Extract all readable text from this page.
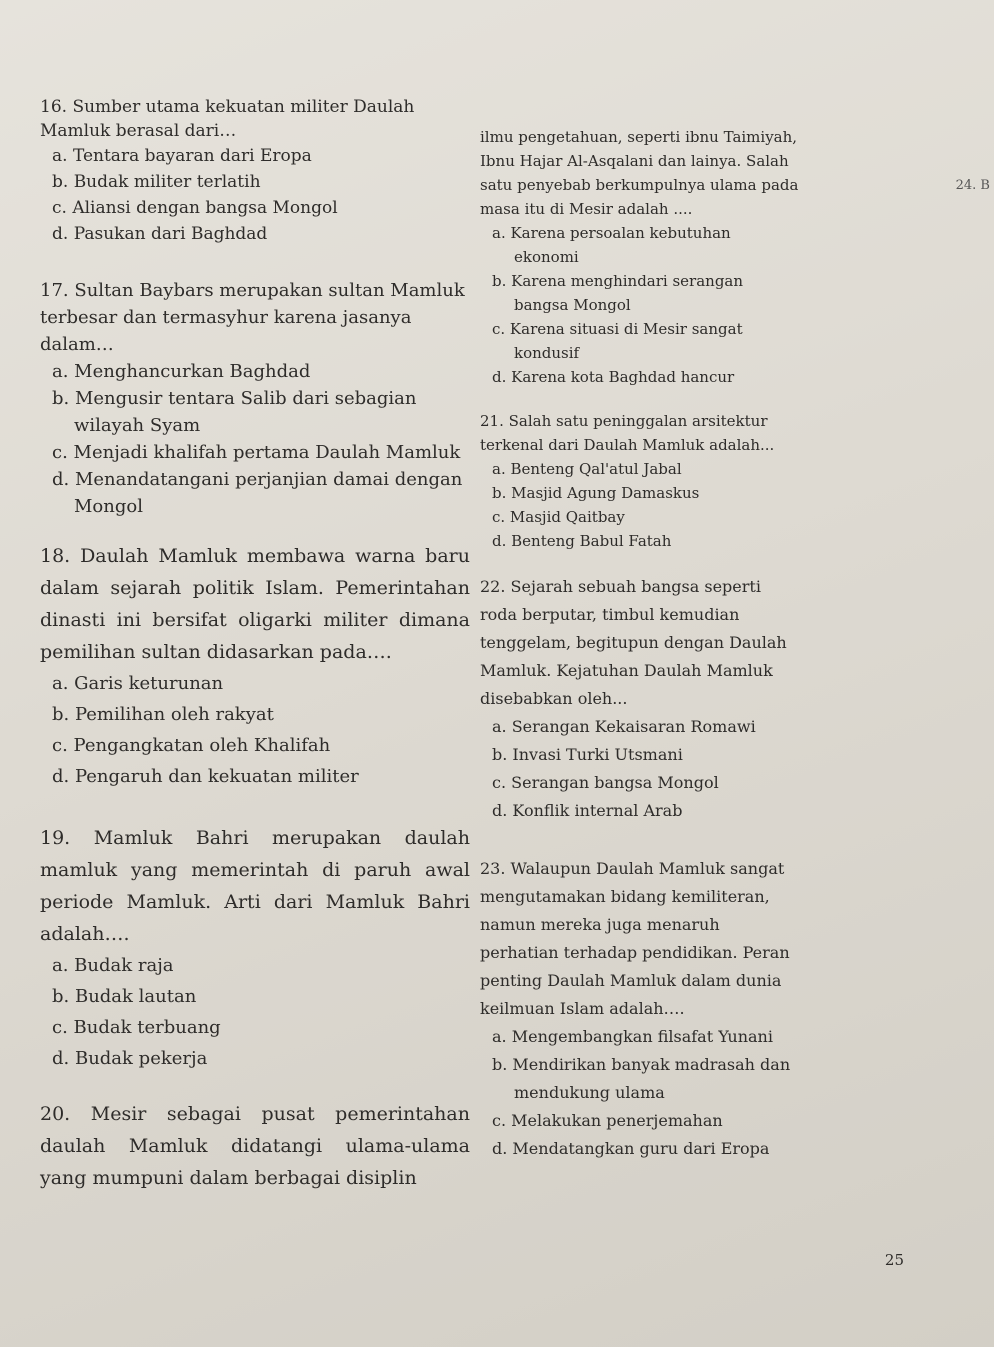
16. Sumber utama kekuatan militer Daulah Mamluk berasal dari…
a. Tentara bayaran dari Eropa
b. Budak militer terlatih
c. Aliansi dengan bangsa Mongol
d. Pasukan dari Baghdad
17. Sultan Baybars merupakan sultan Mamluk terbesar dan termasyhur karena jasanya dalam…
a. Menghancurkan Baghdad
b. Mengusir tentara Salib dari sebagian wilayah Syam
c. Menjadi khalifah pertama Daulah Mamluk
d. Menandatangani perjanjian damai dengan Mongol
18. Daulah Mamluk membawa warna baru dalam sejarah politik Islam. Pemerintahan dinasti ini bersifat oligarki militer dimana pemilihan sultan didasarkan pada….
a. Garis keturunan
b. Pemilihan oleh rakyat
c. Pengangkatan oleh Khalifah
d. Pengaruh dan kekuatan militer
19. Mamluk Bahri merupakan daulah mamluk yang memerintah di paruh awal periode Mamluk. Arti dari Mamluk Bahri adalah….
a. Budak raja
b. Budak lautan
c. Budak terbuang
d. Budak pekerja
20. Mesir sebagai pusat pemerintahan daulah Mamluk didatangi ulama-ulama yang mumpuni dalam berbagai disiplin
ilmu pengetahuan, seperti ibnu Taimiyah, Ibnu Hajar Al-Asqalani dan lainya. Salah satu penyebab berkumpulnya ulama pada masa itu di Mesir adalah ....
a. Karena persoalan kebutuhan ekonomi
b. Karena menghindari serangan bangsa Mongol
c. Karena situasi di Mesir sangat kondusif
d. Karena kota Baghdad hancur
21. Salah satu peninggalan arsitektur terkenal dari Daulah Mamluk adalah...
a. Benteng Qal'atul Jabal
b. Masjid Agung Damaskus
c. Masjid Qaitbay
d. Benteng Babul Fatah
22. Sejarah sebuah bangsa seperti roda berputar, timbul kemudian tenggelam, begitupun dengan Daulah Mamluk. Kejatuhan Daulah Mamluk disebabkan oleh...
a. Serangan Kekaisaran Romawi
b. Invasi Turki Utsmani
c. Serangan bangsa Mongol
d. Konflik internal Arab
23. Walaupun Daulah Mamluk sangat mengutamakan bidang kemiliteran, namun mereka juga menaruh perhatian terhadap pendidikan. Peran penting Daulah Mamluk dalam dunia keilmuan Islam adalah….
a. Mengembangkan filsafat Yunani
b. Mendirikan banyak madrasah dan mendukung ulama
c. Melakukan penerjemahan
d. Mendatangkan guru dari Eropa
24. B
25
